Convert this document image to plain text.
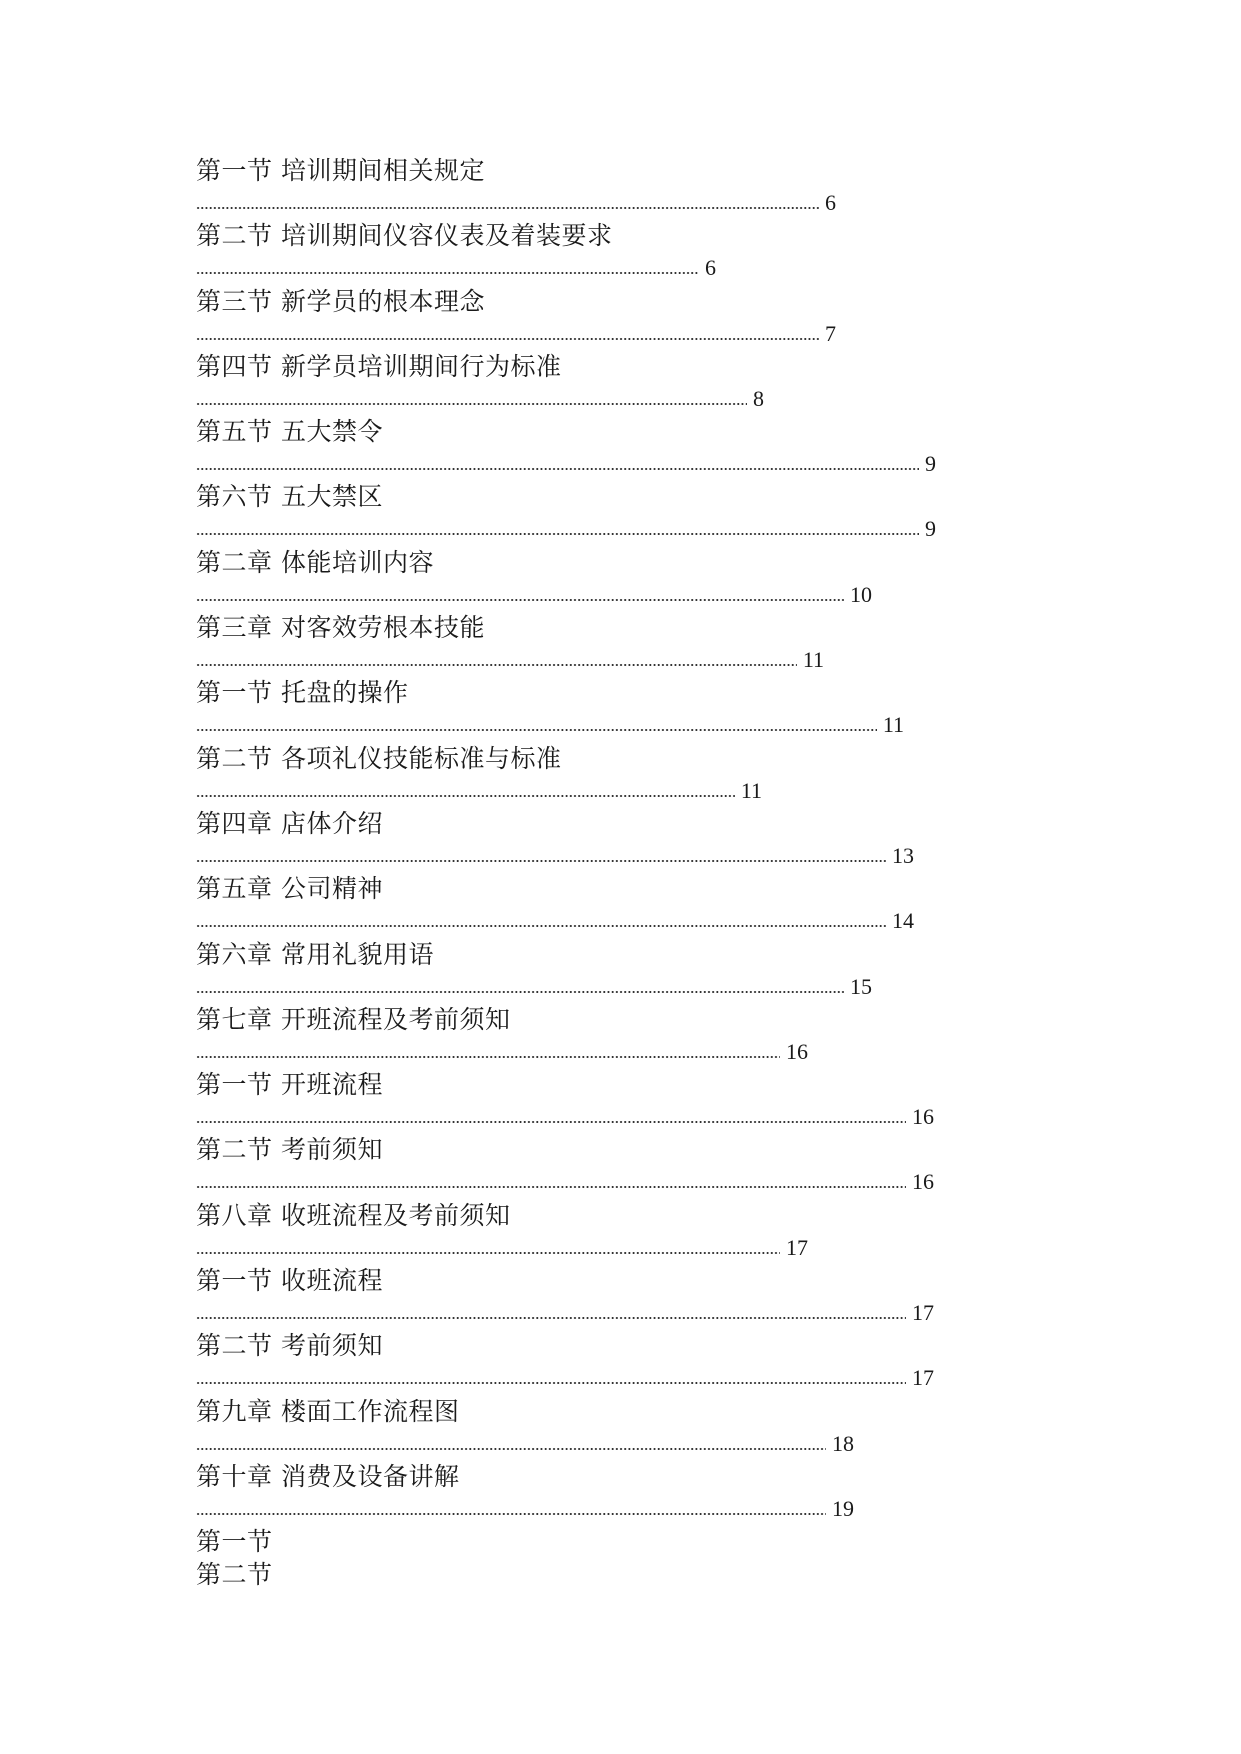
第一节 培训期间相关规定
6
第二节 培训期间仪容仪表及着装要求
6
第三节 新学员的根本理念
7
第四节 新学员培训期间行为标准
8
第五节 五大禁令
9
第六节 五大禁区
9
第二章 体能培训内容
10
第三章 对客效劳根本技能
11
第一节 托盘的操作
11
第二节 各项礼仪技能标准与标准
11
第四章 店体介绍
13
第五章 公司精神
14
第六章 常用礼貌用语
15
第七章 开班流程及考前须知
16
第一节 开班流程
16
第二节 考前须知
16
第八章 收班流程及考前须知
17
第一节 收班流程
17
第二节 考前须知
17
第九章 楼面工作流程图
18
第十章 消费及设备讲解
19
第一节
第二节
